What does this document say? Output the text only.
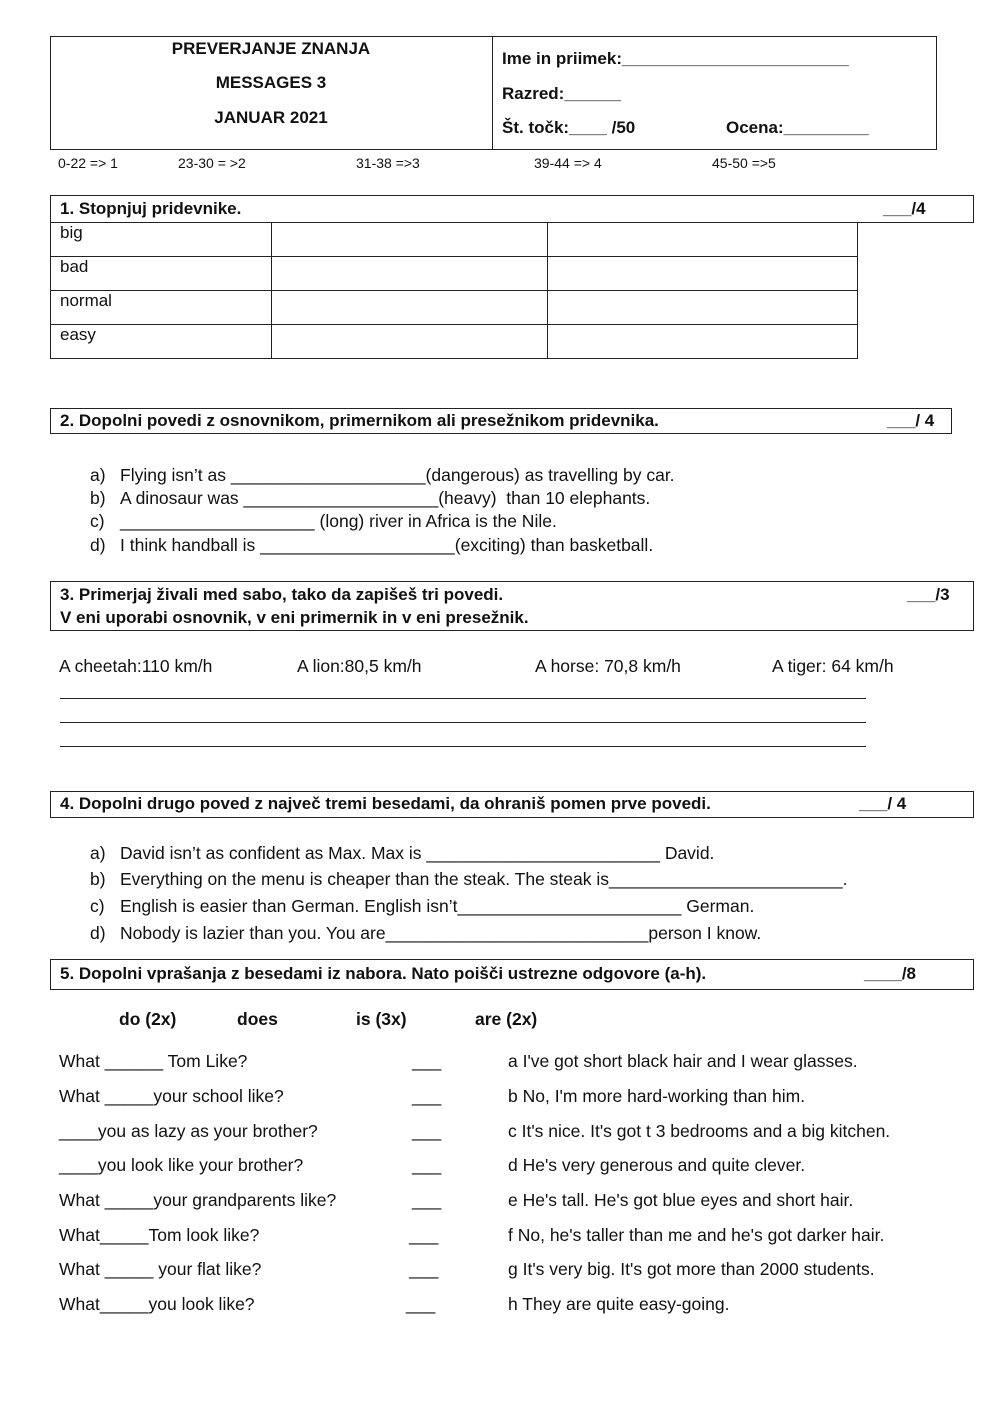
PREVERJANJE ZNANJA
MESSAGES 3
JANUAR 2021
Ime in priimek:________________________
Razred:______
Št. točk:____ /50	Ocena:_________
0-22 => 1	23-30 = >2	31-38 =>3	39-44 => 4	45-50 =>5
1. Stopnjuj pridevnike.	___/4
big		
bad		
normal		
easy		
2. Dopolni povedi z osnovnikom, primernikom ali presežnikom pridevnika.	___/ 4
a) Flying isn’t as ____________________(dangerous) as travelling by car.
b) A dinosaur was ____________________(heavy)  than 10 elephants.
c) ____________________ (long) river in Africa is the Nile.
d) I think handball is ____________________(exciting) than basketball.
3. Primerjaj živali med sabo, tako da zapišeš tri povedi.
V eni uporabi osnovnik, v eni primernik in v eni presežnik.
___/3
A cheetah:110 km/h	A lion:80,5 km/h	A horse: 70,8 km/h	A tiger: 64 km/h
4. Dopolni drugo poved z največ tremi besedami, da ohraniš pomen prve povedi.	___/ 4
a) David isn’t as confident as Max. Max is ________________________ David.
b) Everything on the menu is cheaper than the steak. The steak is________________________.
c) English is easier than German. English isn’t_______________________ German.
d) Nobody is lazier than you. You are___________________________person I know.
5. Dopolni vprašanja z besedami iz nabora. Nato poišči ustrezne odgovore (a-h).	____/8
do (2x)	does	is (3x)	are (2x)
What ______ Tom Like?	___	a I've got short black hair and I wear glasses.
What _____your school like?	___	b No, I'm more hard-working than him.
____you as lazy as your brother?	___	c It's nice. It's got t 3 bedrooms and a big kitchen.
____you look like your brother?	___	d He's very generous and quite clever.
What _____your grandparents like?	___	e He's tall. He's got blue eyes and short hair.
What_____Tom look like?	___	f No, he's taller than me and he's got darker hair.
What _____ your flat like?	___	g It's very big. It's got more than 2000 students.
What_____you look like?	___	h They are quite easy-going.
